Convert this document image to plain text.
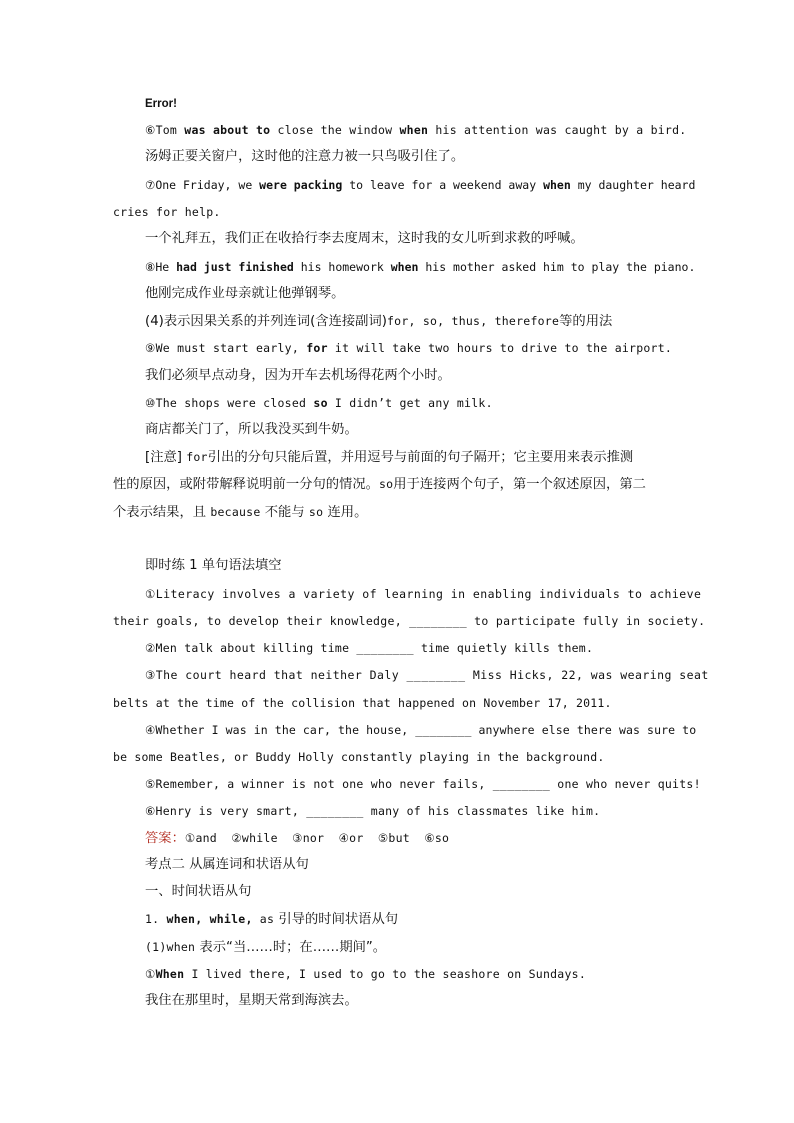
Error!
⑥Tom was about to close the window when his attention was caught by a bird.
汤姆正要关窗户，这时他的注意力被一只鸟吸引住了。
⑦One Friday, we were packing to leave for a weekend away when my daughter heard
cries for help.
一个礼拜五，我们正在收拾行李去度周末，这时我的女儿听到求救的呼喊。
⑧He had just finished his homework when his mother asked him to play the piano.
他刚完成作业母亲就让他弹钢琴。
(4)表示因果关系的并列连词(含连接副词)for, so, thus, therefore等的用法
⑨We must start early, for it will take two hours to drive to the airport.
我们必须早点动身，因为开车去机场得花两个小时。
⑩The shops were closed so I didn’t get any milk.
商店都关门了，所以我没买到牛奶。
[注意] for引出的分句只能后置，并用逗号与前面的句子隔开；它主要用来表示推测
性的原因，或附带解释说明前一分句的情况。so用于连接两个句子，第一个叙述原因，第二
个表示结果，且 because 不能与 so 连用。
即时练 1 单句语法填空
①Literacy involves a variety of learning in enabling individuals to achieve
their goals, to develop their knowledge, ________ to participate fully in society.
②Men talk about killing time ________ time quietly kills them.
③The court heard that neither Daly ________ Miss Hicks, 22, was wearing seat
belts at the time of the collision that happened on November 17, 2011.
④Whether I was in the car, the house, ________ anywhere else there was sure to
be some Beatles, or Buddy Holly constantly playing in the background.
⑤Remember, a winner is not one who never fails, ________ one who never quits!
⑥Henry is very smart, ________ many of his classmates like him.
答案：①and ②while ③nor ④or ⑤but ⑥so
考点二 从属连词和状语从句
一、时间状语从句
1. when, while, as 引导的时间状语从句
(1)when 表示“当……时；在……期间”。
①When I lived there, I used to go to the seashore on Sundays.
我住在那里时，星期天常到海滨去。
